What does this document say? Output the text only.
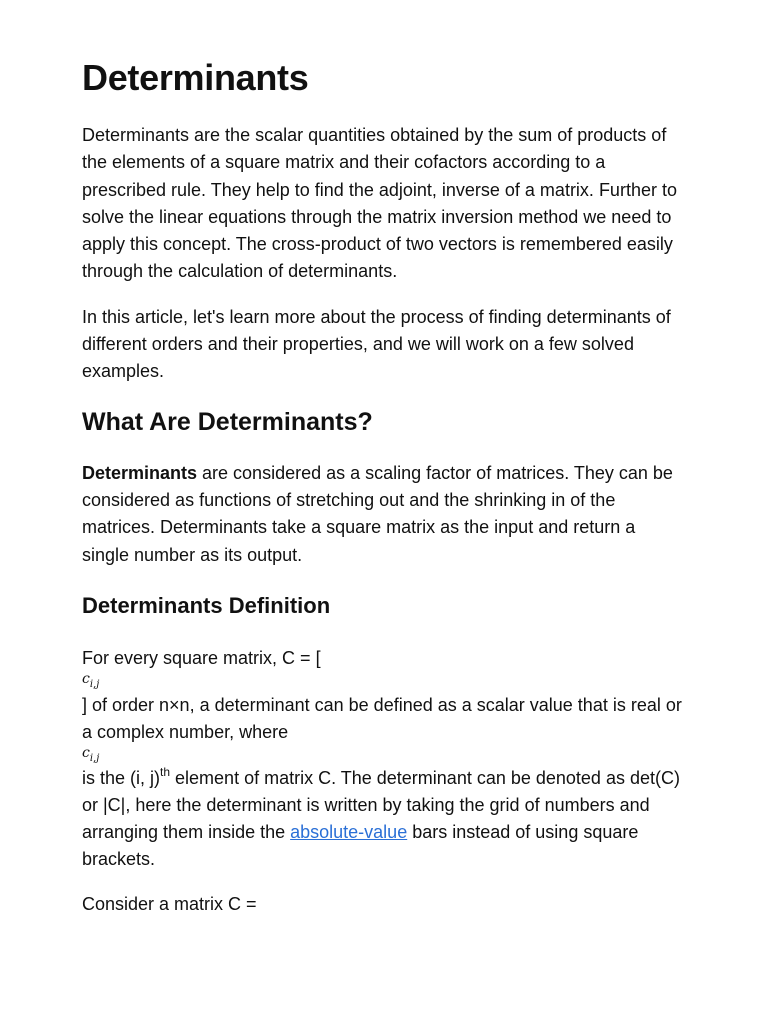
Determinants

Determinants are the scalar quantities obtained by the sum of products of the elements of a square matrix and their cofactors according to a prescribed rule. They help to find the adjoint, inverse of a matrix. Further to solve the linear equations through the matrix inversion method we need to apply this concept. The cross-product of two vectors is remembered easily through the calculation of determinants.

In this article, let's learn more about the process of finding determinants of different orders and their properties, and we will work on a few solved examples.

What Are Determinants?

Determinants are considered as a scaling factor of matrices. They can be considered as functions of stretching out and the shrinking in of the matrices. Determinants take a square matrix as the input and return a single number as its output.

Determinants Definition

For every square matrix, C = [
$c_{i,j}$
] of order n×n, a determinant can be defined as a scalar value that is real or a complex number, where
$c_{i,j}$
is the (i, j)$^{th}$ element of matrix C. The determinant can be denoted as det(C) or |C|, here the determinant is written by taking the grid of numbers and arranging them inside the absolute-value bars instead of using square brackets.

Consider a matrix C =
